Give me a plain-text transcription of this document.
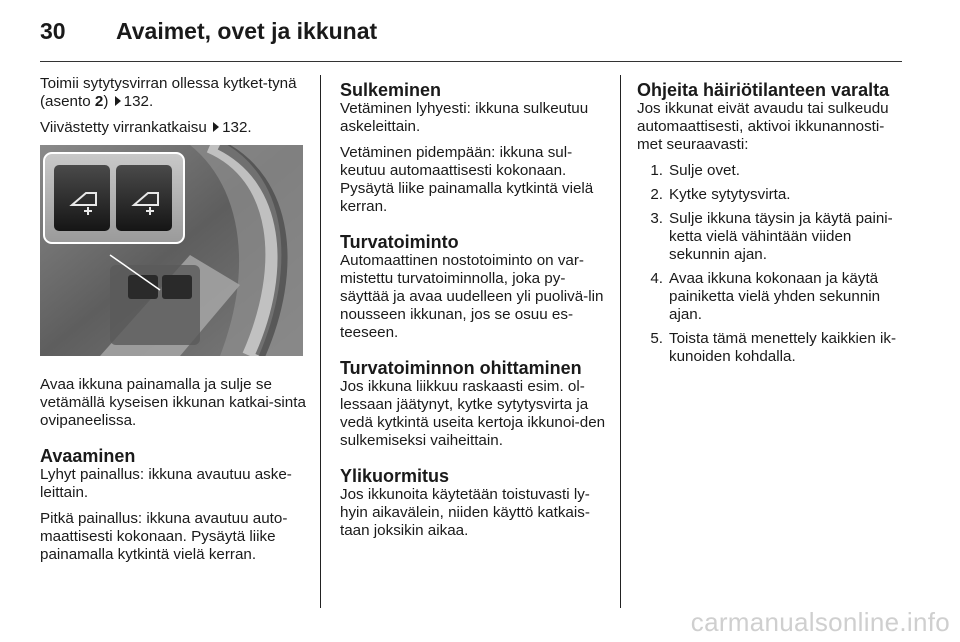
30 Avaimet, ovet ja ikkunat

Toimii sytytysvirran ollessa kytket-tynä (asento 2) 132.

Viivästetty virrankatkaisu 132.

Avaa ikkuna painamalla ja sulje se vetämällä kyseisen ikkunan katkai-sinta ovipaneelissa.

Avaaminen

Lyhyt painallus: ikkuna avautuu aske-leittain.

Pitkä painallus: ikkuna avautuu auto-maattisesti kokonaan. Pysäytä liike painamalla kytkintä vielä kerran.

Sulkeminen

Vetäminen lyhyesti: ikkuna sulkeutuu askeleittain.

Vetäminen pidempään: ikkuna sul-keutuu automaattisesti kokonaan. Pysäytä liike painamalla kytkintä vielä kerran.

Turvatoiminto

Automaattinen nostotoiminto on var-mistettu turvatoiminnolla, joka py-säyttää ja avaa uudelleen yli puolivä-lin nousseen ikkunan, jos se osuu es-teeseen.

Turvatoiminnon ohittaminen

Jos ikkuna liikkuu raskaasti esim. ol-lessaan jäätynyt, kytke sytytysvirta ja vedä kytkintä useita kertoja ikkunoi-den sulkemiseksi vaiheittain.

Ylikuormitus

Jos ikkunoita käytetään toistuvasti ly-hyin aikavälein, niiden käyttö katkais-taan joksikin aikaa.

Ohjeita häiriötilanteen varalta

Jos ikkunat eivät avaudu tai sulkeudu automaattisesti, aktivoi ikkunannosti-met seuraavasti:

1. Sulje ovet.
2. Kytke sytytysvirta.
3. Sulje ikkuna täysin ja käytä paini-ketta vielä vähintään viiden sekunnin ajan.
4. Avaa ikkuna kokonaan ja käytä painiketta vielä yhden sekunnin ajan.
5. Toista tämä menettely kaikkien ik-kunoiden kohdalla.
carmanualsonline.info
